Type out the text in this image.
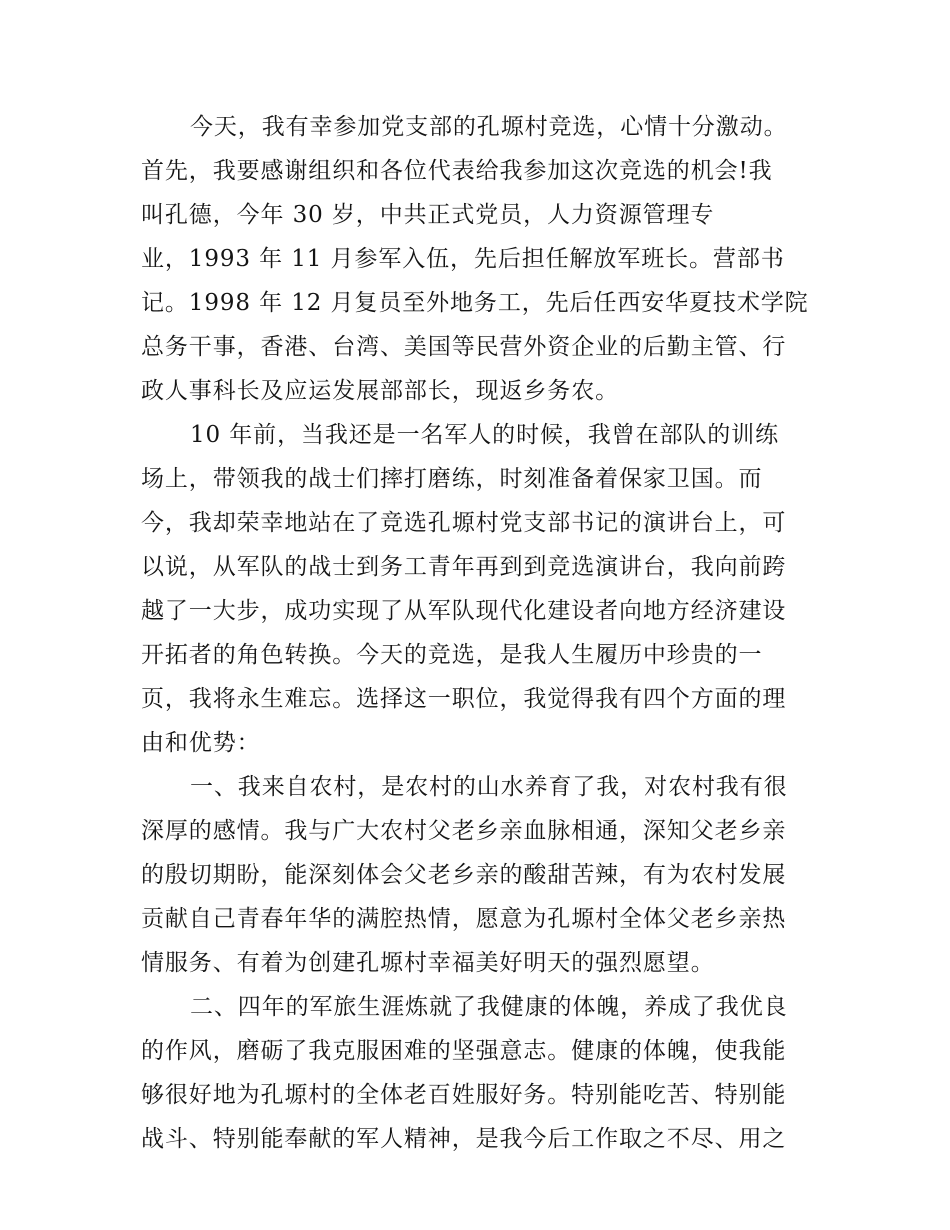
今天，我有幸参加党支部的孔塬村竞选，心情十分激动。
首先，我要感谢组织和各位代表给我参加这次竞选的机会!我
叫孔德，今年 30 岁，中共正式党员，人力资源管理专
业，1993 年 11 月参军入伍，先后担任解放军班长。营部书
记。1998 年 12 月复员至外地务工，先后任西安华夏技术学院
总务干事，香港、台湾、美国等民营外资企业的后勤主管、行
政人事科长及应运发展部部长，现返乡务农。
10 年前，当我还是一名军人的时候，我曾在部队的训练
场上，带领我的战士们摔打磨练，时刻准备着保家卫国。而
今，我却荣幸地站在了竞选孔塬村党支部书记的演讲台上，可
以说，从军队的战士到务工青年再到到竞选演讲台，我向前跨
越了一大步，成功实现了从军队现代化建设者向地方经济建设
开拓者的角色转换。今天的竞选，是我人生履历中珍贵的一
页，我将永生难忘。选择这一职位，我觉得我有四个方面的理
由和优势：
一、我来自农村，是农村的山水养育了我，对农村我有很
深厚的感情。我与广大农村父老乡亲血脉相通，深知父老乡亲
的殷切期盼，能深刻体会父老乡亲的酸甜苦辣，有为农村发展
贡献自己青春年华的满腔热情，愿意为孔塬村全体父老乡亲热
情服务、有着为创建孔塬村幸福美好明天的强烈愿望。
二、四年的军旅生涯炼就了我健康的体魄，养成了我优良
的作风，磨砺了我克服困难的坚强意志。健康的体魄，使我能
够很好地为孔塬村的全体老百姓服好务。特别能吃苦、特别能
战斗、特别能奉献的军人精神，是我今后工作取之不尽、用之
